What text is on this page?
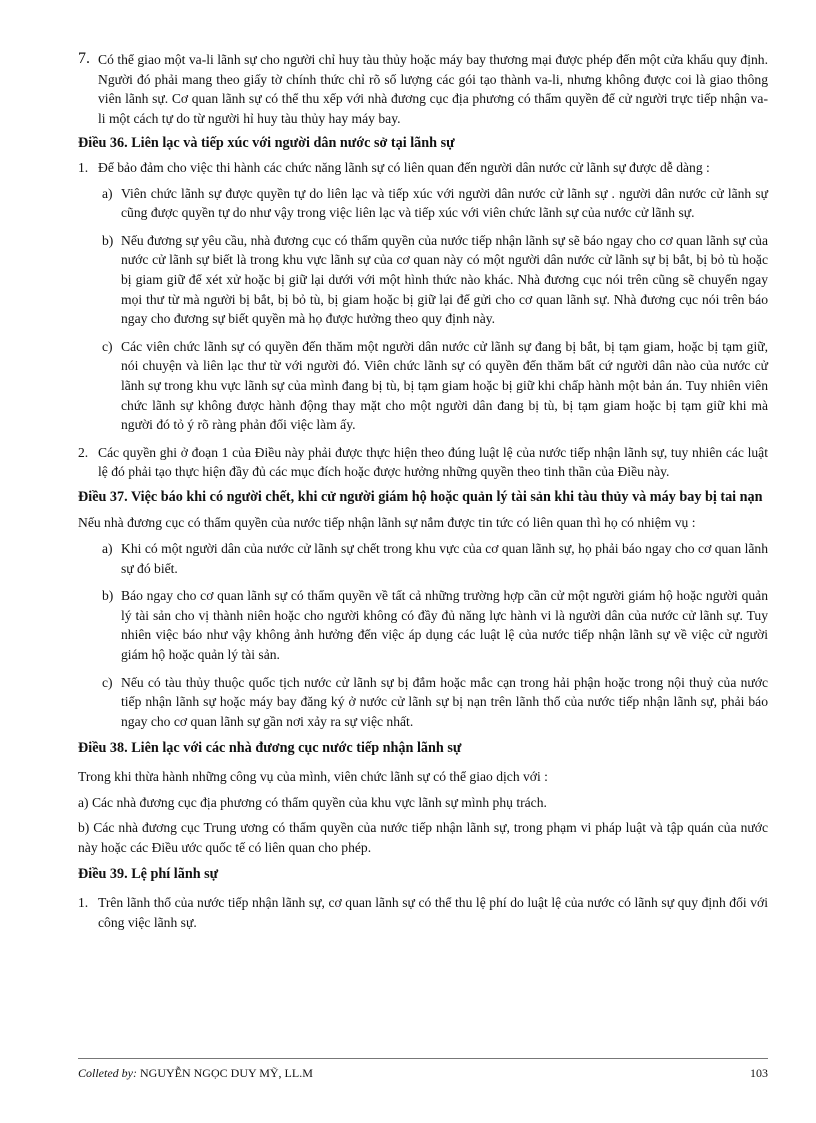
7. Có thể giao một va-li lãnh sự cho người chỉ huy tàu thủy hoặc máy bay thương mại được phép đến một cửa khẩu quy định. Người đó phải mang theo giấy tờ chính thức chỉ rõ số lượng các gói tạo thành va-li, nhưng không được coi là giao thông viên lãnh sự. Cơ quan lãnh sự có thể thu xếp với nhà đương cục địa phương có thẩm quyền để cử người trực tiếp nhận va-li một cách tự do từ người hỉ huy tàu thủy hay máy bay.

Điều 36. Liên lạc và tiếp xúc với người dân nước sở tại lãnh sự

1. Để bảo đảm cho việc thi hành các chức năng lãnh sự có liên quan đến người dân nước cử lãnh sự được dễ dàng :
a) Viên chức lãnh sự được quyền tự do liên lạc và tiếp xúc với người dân nước cử lãnh sự . người dân nước cử lãnh sự cũng được quyền tự do như vậy trong việc liên lạc và tiếp xúc với viên chức lãnh sự của nước cử lãnh sự.
b) Nếu đương sự yêu cầu, nhà đương cục có thẩm quyền của nước tiếp nhận lãnh sự sẽ báo ngay cho cơ quan lãnh sự của nước cử lãnh sự biết là trong khu vực lãnh sự của cơ quan này có một người dân nước cử lãnh sự bị bắt, bị bỏ tù hoặc bị giam giữ để xét xử hoặc bị giữ lại dưới với một hình thức nào khác. Nhà đương cục nói trên cũng sẽ chuyển ngay mọi thư từ mà người bị bắt, bị bỏ tù, bị giam hoặc bị giữ lại để gửi cho cơ quan lãnh sự. Nhà đương cục nói trên báo ngay cho đương sự biết quyền mà họ được hưởng theo quy định này.
c) Các viên chức lãnh sự có quyền đến thăm một người dân nước cử lãnh sự đang bị bắt, bị tạm giam, hoặc bị tạm giữ, nói chuyện và liên lạc thư từ với người đó. Viên chức lãnh sự có quyền đến thăm bất cứ người dân nào của nước cử lãnh sự trong khu vực lãnh sự của mình đang bị tù, bị tạm giam hoặc bị giữ khi chấp hành một bản án. Tuy nhiên viên chức lãnh sự không được hành động thay mặt cho một người dân đang bị tù, bị tạm giam hoặc bị tạm giữ khi mà người đó tỏ ý rõ ràng phản đối việc làm ấy.
2. Các quyền ghi ở đoạn 1 của Điều này phải được thực hiện theo đúng luật lệ của nước tiếp nhận lãnh sự, tuy nhiên các luật lệ đó phải tạo thực hiện đầy đủ các mục đích hoặc được hưởng những quyền theo tinh thần của Điều này.

Điều 37. Việc báo khi có người chết, khi cử người giám hộ hoặc quản lý tài sản khi tàu thủy và máy bay bị tai nạn

Nếu nhà đương cục có thẩm quyền của nước tiếp nhận lãnh sự nắm được tin tức có liên quan thì họ có nhiệm vụ :

a) Khi có một người dân của nước cử lãnh sự chết trong khu vực của cơ quan lãnh sự, họ phải báo ngay cho cơ quan lãnh sự đó biết.
b) Báo ngay cho cơ quan lãnh sự có thẩm quyền về tất cả những trường hợp cần cử một người giám hộ hoặc người quản lý tài sản cho vị thành niên hoặc cho người không có đầy đủ năng lực hành vi là người dân của nước cử lãnh sự. Tuy nhiên việc báo như vậy không ảnh hưởng đến việc áp dụng các luật lệ của nước tiếp nhận lãnh sự về việc cử người giám hộ hoặc quản lý tài sản.
c) Nếu có tàu thủy thuộc quốc tịch nước cử lãnh sự bị đắm hoặc mắc cạn trong hải phận hoặc trong nội thuỷ của nước tiếp nhận lãnh sự hoặc máy bay đăng ký ở nước cử lãnh sự bị nạn trên lãnh thổ của nước tiếp nhận lãnh sự, phải báo ngay cho cơ quan lãnh sự gần nơi xảy ra sự việc nhất.

Điều 38. Liên lạc với các nhà đương cục nước tiếp nhận lãnh sự

Trong khi thừa hành những công vụ của mình, viên chức lãnh sự có thể giao dịch với :

a) Các nhà đương cục địa phương có thẩm quyền của khu vực lãnh sự mình phụ trách.

b) Các nhà đương cục Trung ương có thẩm quyền của nước tiếp nhận lãnh sự, trong phạm vi pháp luật và tập quán của nước này hoặc các Điều ước quốc tế có liên quan cho phép.

Điều 39. Lệ phí lãnh sự

1. Trên lãnh thổ của nước tiếp nhận lãnh sự, cơ quan lãnh sự có thể thu lệ phí do luật lệ của nước có lãnh sự quy định đối với công việc lãnh sự.
Colleted by: NGUYỄN NGỌC DUY MỸ, LL.M	103
